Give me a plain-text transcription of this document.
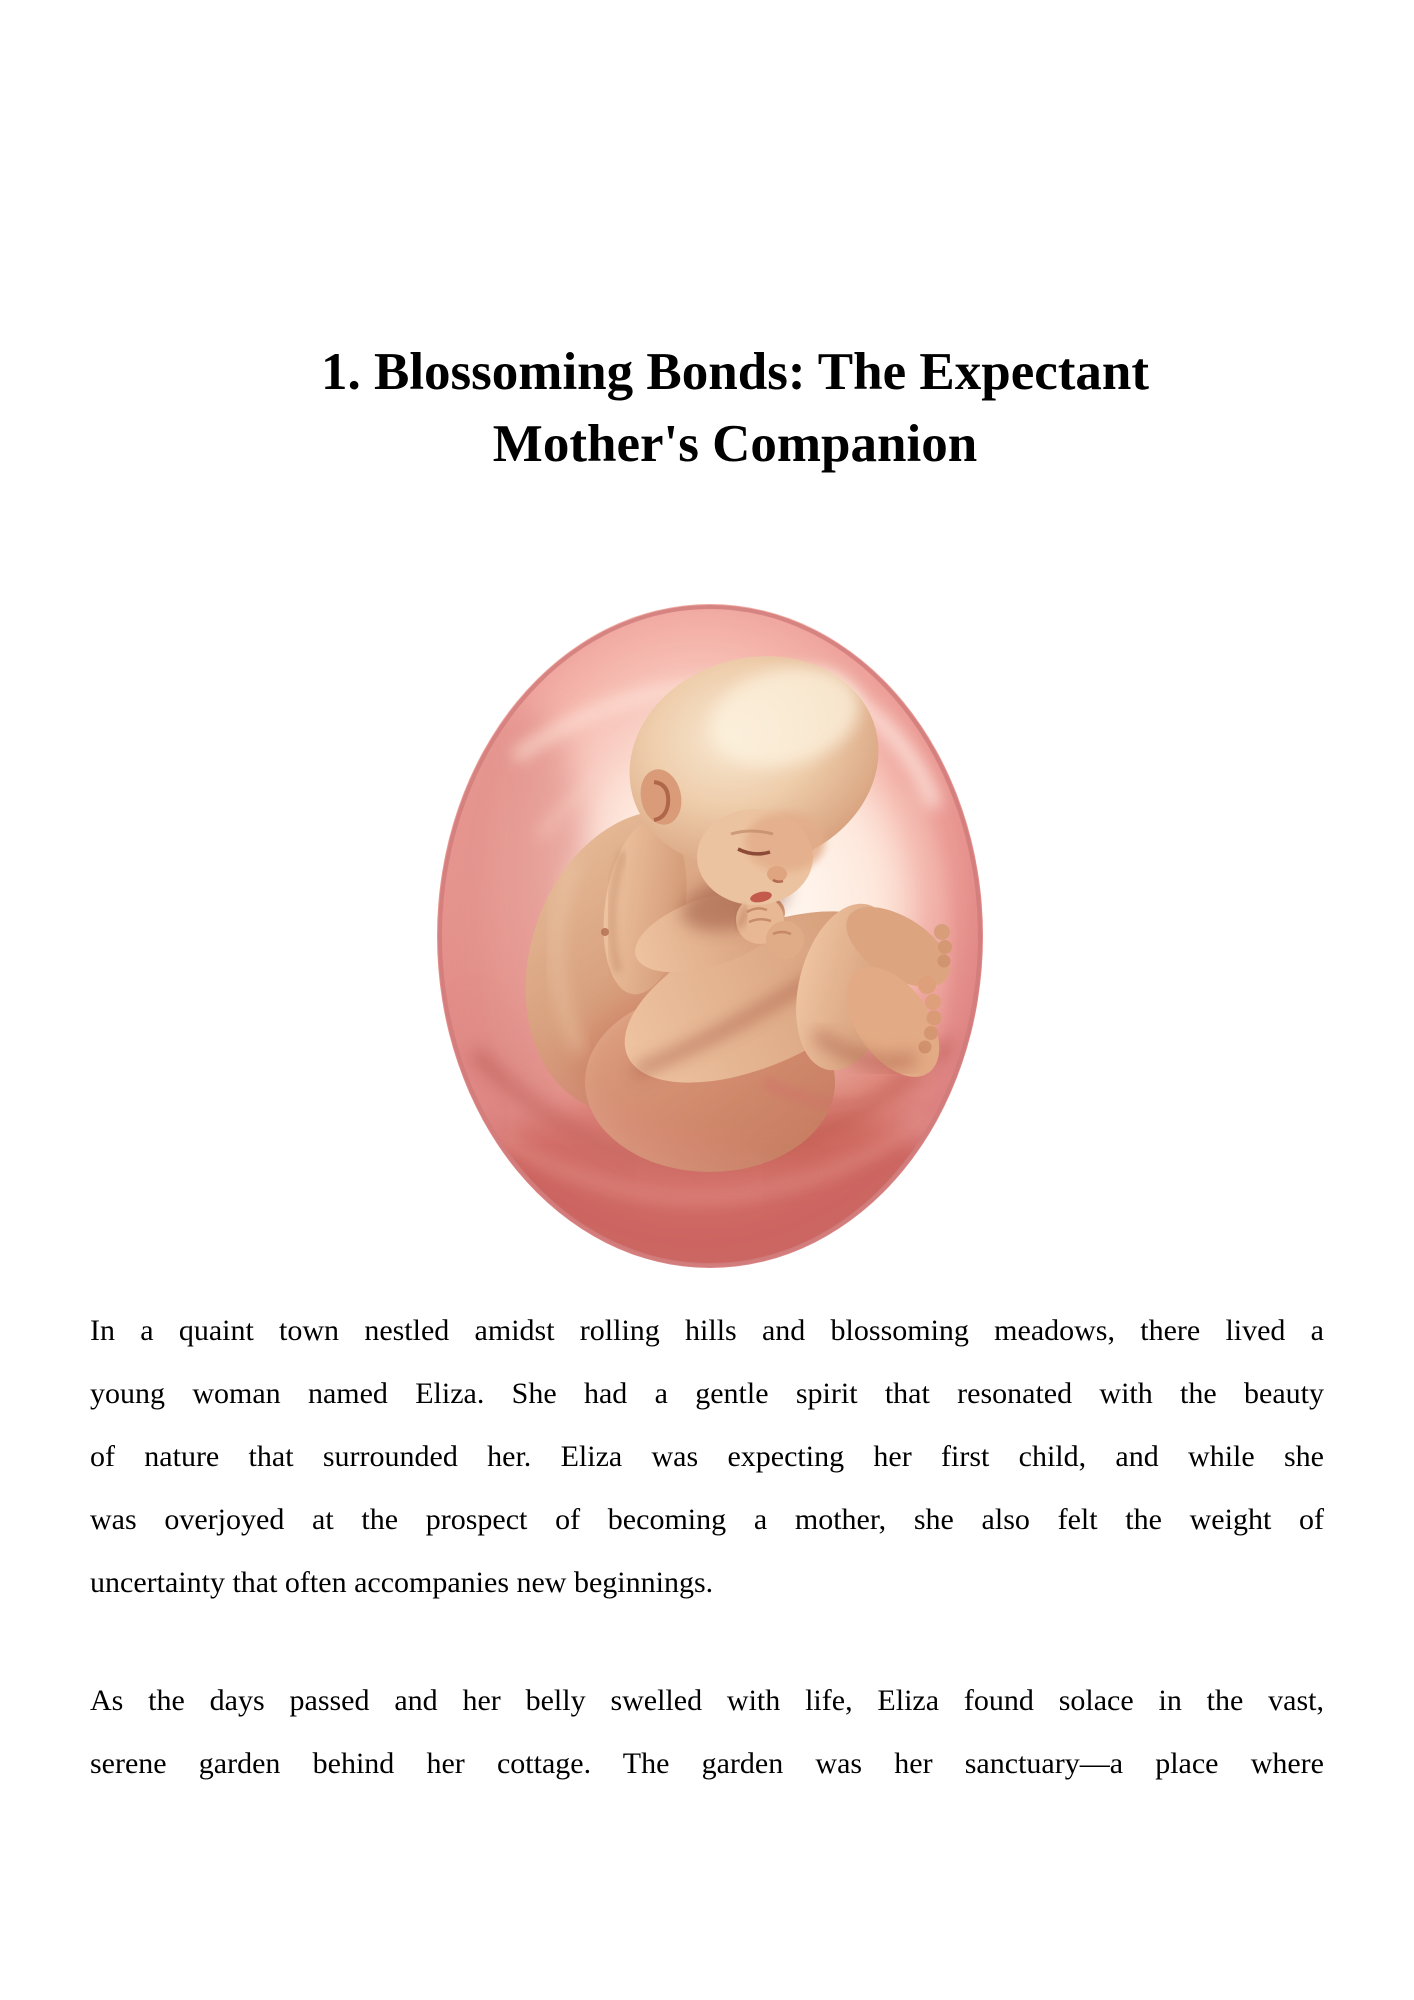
1. Blossoming Bonds: The Expectant
Mother's Companion
In a quaint town nestled amidst rolling hills and blossoming meadows, there lived a
young woman named Eliza. She had a gentle spirit that resonated with the beauty
of nature that surrounded her. Eliza was expecting her first child, and while she
was overjoyed at the prospect of becoming a mother, she also felt the weight of
uncertainty that often accompanies new beginnings.
As the days passed and her belly swelled with life, Eliza found solace in the vast,
serene garden behind her cottage. The garden was her sanctuary—a place where
